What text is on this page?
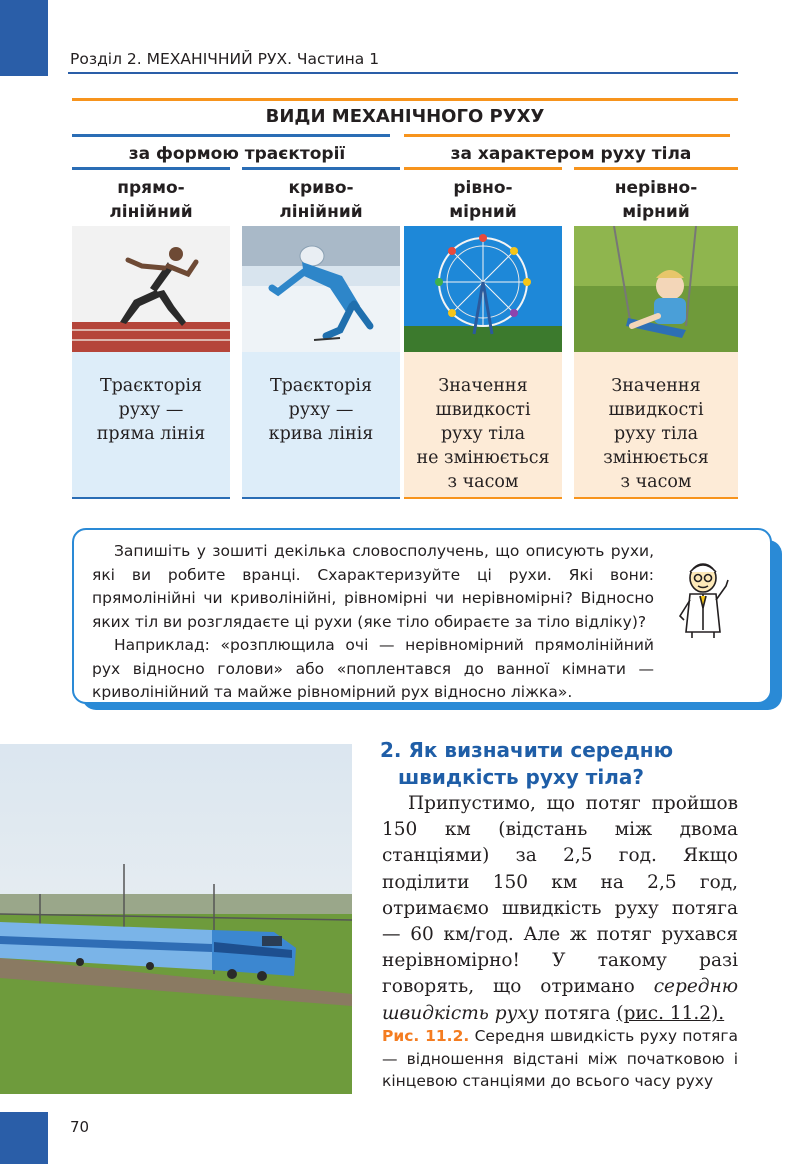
Розділ 2. МЕХАНІЧНИЙ РУХ. Частина 1
ВИДИ МЕХАНІЧНОГО РУХУ
за формою траєкторії	за характером руху тіла
прямо-
лінійний
криво-
лінійний
рівно-
мірний
нерівно-
мірний
Траєкторія
руху —
пряма лінія
Траєкторія
руху —
крива лінія
Значення
швидкості
руху тіла
не змінюється
з часом
Значення
швидкості
руху тіла
змінюється
з часом

Запишіть у зошиті декілька словосполучень, що описують рухи, які ви робите вранці. Схарактеризуйте ці рухи. Які вони: прямолінійні чи криволінійні, рівномірні чи нерівномірні? Відносно яких тіл ви розглядаєте ці рухи (яке тіло обираєте за тіло відліку)?

Наприклад: «розплющила очі — нерівномірний прямолінійний рух відносно голови» або «поплентався до ванної кімнати — криволінійний та майже рівномірний рух відносно ліжка».

2. Як визначити середню
швидкість руху тіла?

Припустимо, що потяг пройшов 150 км (відстань між двома станціями) за 2,5 год. Якщо поділити 150 км на 2,5 год, отримаємо швидкість руху потяга — 60 км/год. Але ж потяг рухався нерівномірно! У такому разі говорять, що отримано середню швидкість руху потяга (рис. 11.2).

Рис. 11.2. Середня швидкість руху потяга — відношення відстані між початковою і кінцевою станціями до всього часу руху
70
